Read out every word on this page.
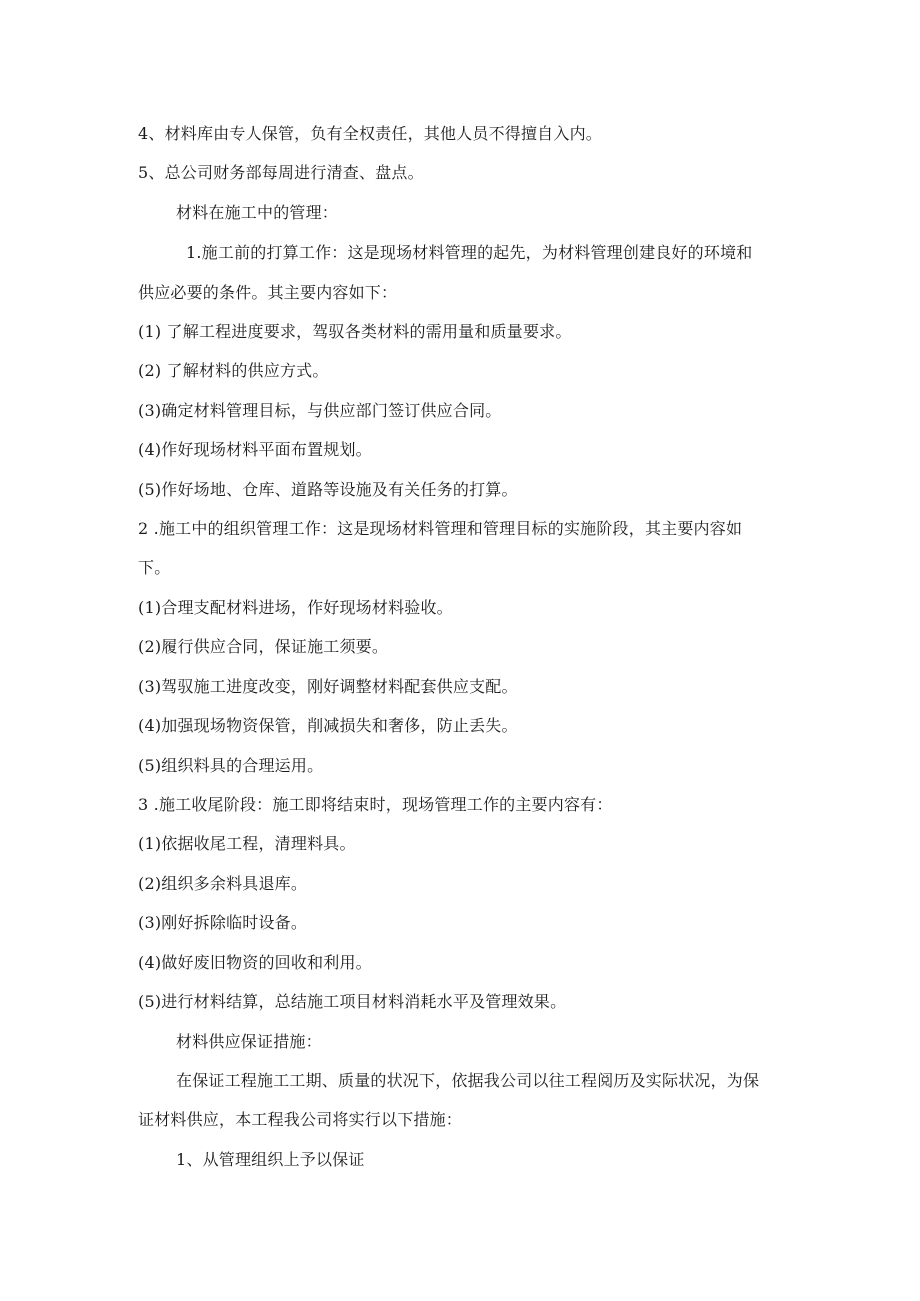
4、材料库由专人保管，负有全权责任，其他人员不得擅自入内。
5、总公司财务部每周进行清查、盘点。
材料在施工中的管理：
1.施工前的打算工作：这是现场材料管理的起先，为材料管理创建良好的环境和
供应必要的条件。其主要内容如下：
(1) 了解工程进度要求，驾驭各类材料的需用量和质量要求。
(2) 了解材料的供应方式。
(3)确定材料管理目标，与供应部门签订供应合同。
(4)作好现场材料平面布置规划。
(5)作好场地、仓库、道路等设施及有关任务的打算。
2 .施工中的组织管理工作：这是现场材料管理和管理目标的实施阶段，其主要内容如
下。
(1)合理支配材料进场，作好现场材料验收。
(2)履行供应合同，保证施工须要。
(3)驾驭施工进度改变，刚好调整材料配套供应支配。
(4)加强现场物资保管，削减损失和奢侈，防止丢失。
(5)组织料具的合理运用。
3 .施工收尾阶段：施工即将结束时，现场管理工作的主要内容有：
(1)依据收尾工程，清理料具。
(2)组织多余料具退库。
(3)刚好拆除临时设备。
(4)做好废旧物资的回收和利用。
(5)进行材料结算，总结施工项目材料消耗水平及管理效果。
材料供应保证措施：
在保证工程施工工期、质量的状况下，依据我公司以往工程阅历及实际状况，为保
证材料供应，本工程我公司将实行以下措施：
1、从管理组织上予以保证
